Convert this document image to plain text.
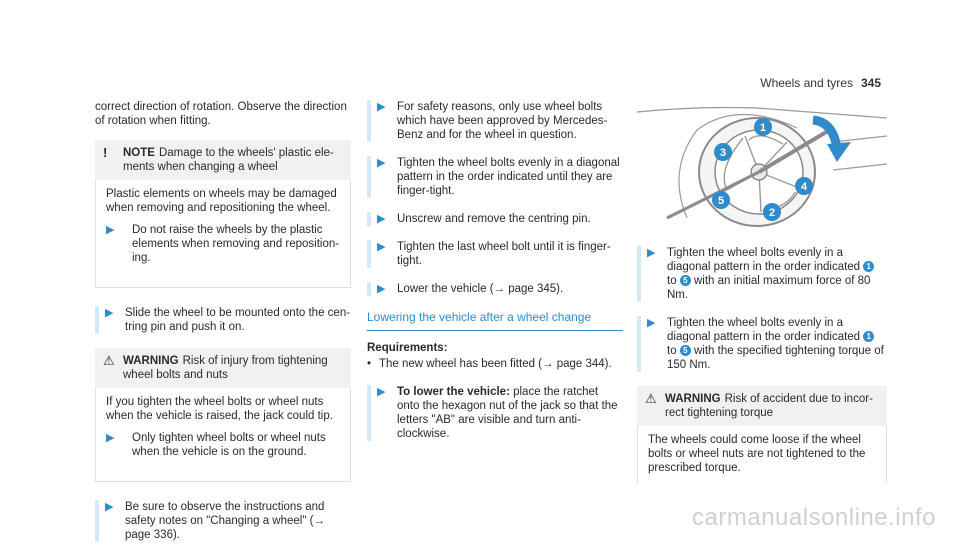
Wheels and tyres 345

correct direction of rotation. Observe the direction of rotation when fitting.

!	NOTE Damage to the wheels' plastic elements when changing a wheel

Plastic elements on wheels may be damaged when removing and repositioning the wheel.

▶	Do not raise the wheels by the plastic elements when removing and repositioning.
▶	Slide the wheel to be mounted onto the centring pin and push it on.
⚠ WARNING Risk of injury from tightening wheel bolts and nuts

If you tighten the wheel bolts or wheel nuts when the vehicle is raised, the jack could tip.

▶	Only tighten wheel bolts or wheel nuts when the vehicle is on the ground.
▶	Be sure to observe the instructions and safety notes on "Changing a wheel" (→ page 336).
▶	For safety reasons, only use wheel bolts which have been approved by Mercedes-Benz and for the wheel in question.
▶	Tighten the wheel bolts evenly in a diagonal pattern in the order indicated until they are finger-tight.
▶	Unscrew and remove the centring pin.
▶	Tighten the last wheel bolt until it is finger-tight.
▶	Lower the vehicle (→ page 345).
Lowering the vehicle after a wheel change
Requirements:
• The new wheel has been fitted (→ page 344).
▶	To lower the vehicle: place the ratchet onto the hexagon nut of the jack so that the letters "AB" are visible and turn anti-clockwise.
1
2
3
4
5
▶	Tighten the wheel bolts evenly in a diagonal pattern in the order indicated 1 to 5 with an initial maximum force of 80 Nm.
▶	Tighten the wheel bolts evenly in a diagonal pattern in the order indicated 1 to 5 with the specified tightening torque of 150 Nm.
⚠ WARNING Risk of accident due to incorrect tightening torque

The wheels could come loose if the wheel bolts or wheel nuts are not tightened to the prescribed torque.

carmanualsonline.info
